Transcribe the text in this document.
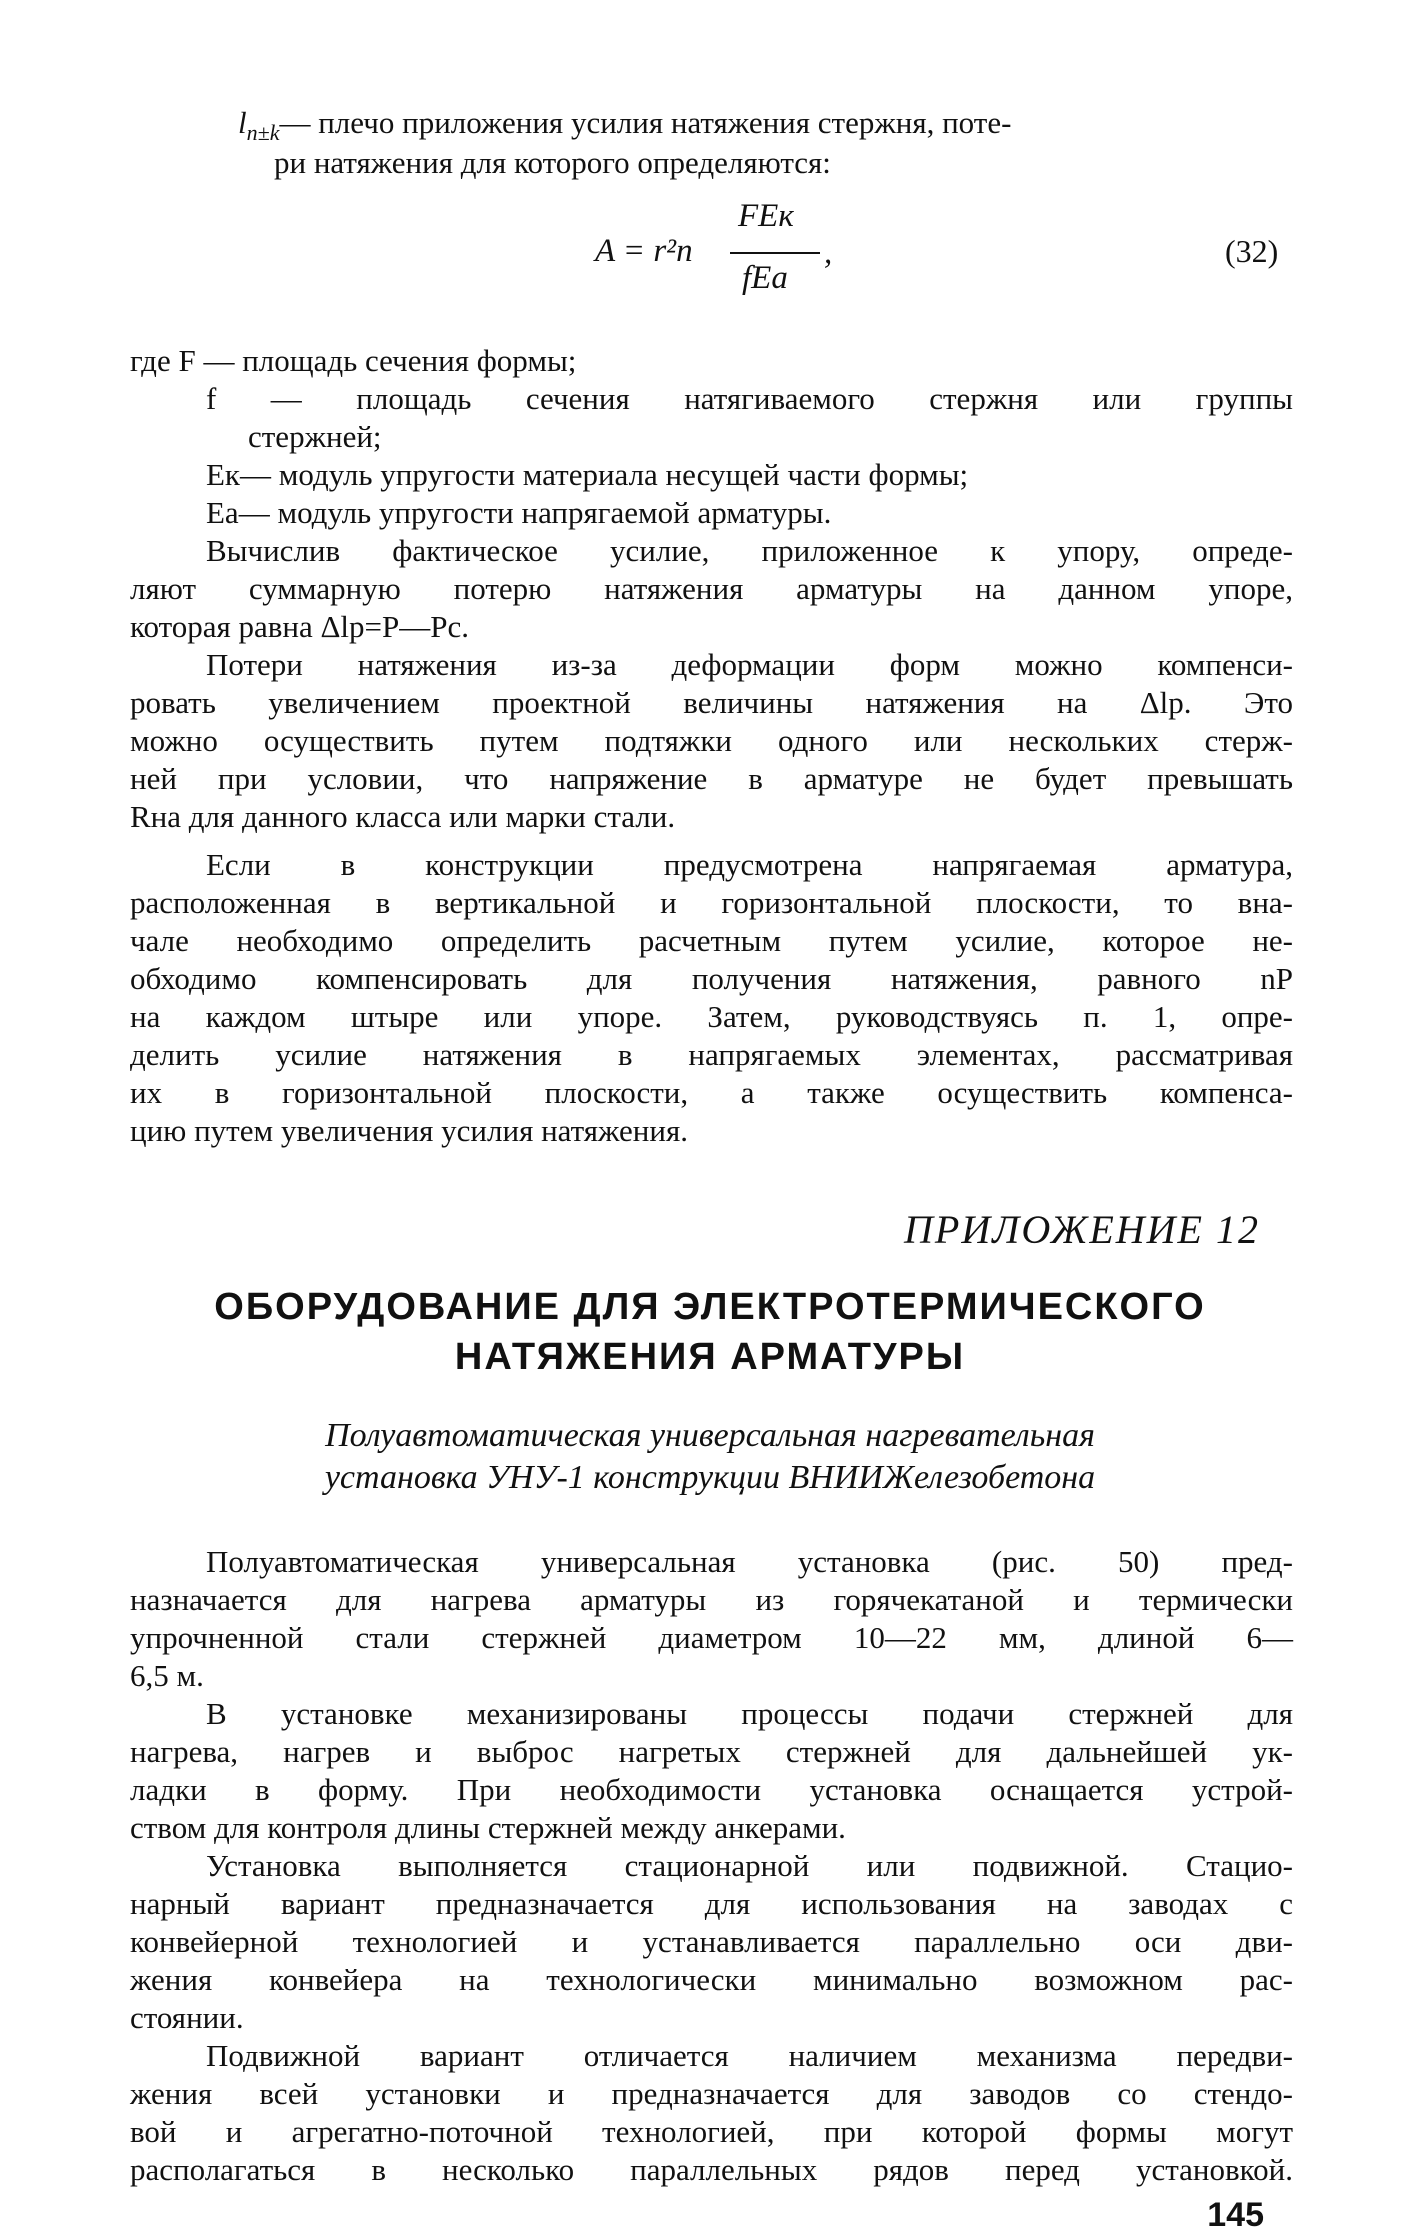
$l_{n\pm k}—$ плечо приложения усилия натяжения стержня, поте-
ри натяжения для которого определяются:
A = r²n
FEк
fEа
,	(32)
где F — площадь сечения формы;
f — площадь сечения натягиваемого стержня или группы
стержней;
Eк— модуль упругости материала несущей части формы;
Eа— модуль упругости напрягаемой арматуры.
Вычислив фактическое усилие, приложенное к упору, опреде-
ляют суммарную потерю натяжения арматуры на данном упоре,
которая равна Δlр=P—Pс.
Потери натяжения из-за деформации форм можно компенси-
ровать увеличением проектной величины натяжения на Δlр. Это
можно осуществить путем подтяжки одного или нескольких стерж-
ней при условии, что напряжение в арматуре не будет превышать
Rна для данного класса или марки стали.
Если в конструкции предусмотрена напрягаемая арматура,
расположенная в вертикальной и горизонтальной плоскости, то вна-
чале необходимо определить расчетным путем усилие, которое не-
обходимо компенсировать для получения натяжения, равного nP
на каждом штыре или упоре. Затем, руководствуясь п. 1, опре-
делить усилие натяжения в напрягаемых элементах, рассматривая
их в горизонтальной плоскости, а также осуществить компенса-
цию путем увеличения усилия натяжения.
ПРИЛОЖЕНИЕ 12
ОБОРУДОВАНИЕ ДЛЯ ЭЛЕКТРОТЕРМИЧЕСКОГО
НАТЯЖЕНИЯ АРМАТУРЫ
Полуавтоматическая универсальная нагревательная
установка УНУ-1 конструкции ВНИИЖелезобетона
Полуавтоматическая универсальная установка (рис. 50) пред-
назначается для нагрева арматуры из горячекатаной и термически
упрочненной стали стержней диаметром 10—22 мм, длиной 6—
6,5 м.
В установке механизированы процессы подачи стержней для
нагрева, нагрев и выброс нагретых стержней для дальнейшей ук-
ладки в форму. При необходимости установка оснащается устрой-
ством для контроля длины стержней между анкерами.
Установка выполняется стационарной или подвижной. Стацио-
нарный вариант предназначается для использования на заводах с
конвейерной технологией и устанавливается параллельно оси дви-
жения конвейера на технологически минимально возможном рас-
стоянии.
Подвижной вариант отличается наличием механизма передви-
жения всей установки и предназначается для заводов со стендо-
вой и агрегатно-поточной технологией, при которой формы могут
располагаться в несколько параллельных рядов перед установкой.
145
